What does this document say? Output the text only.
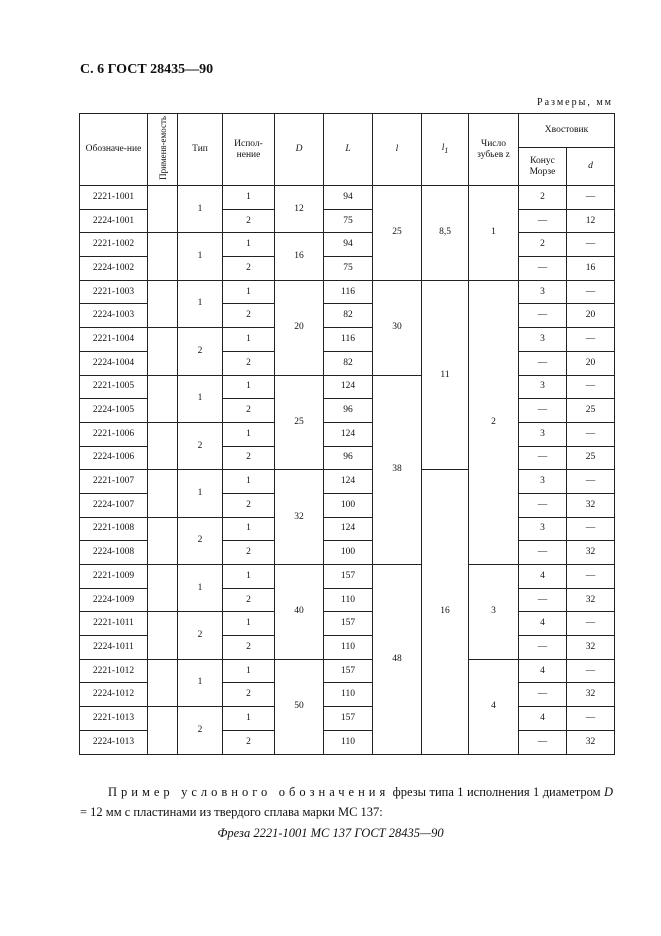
С. 6 ГОСТ 28435—90
Размеры, мм
Обозначе-ние	Применя-емость	Тип	Испол-нение	D	L	l	$l_1$	Число зубьев z	Хвостовик	
									Конус Морзе	d
2221-1001		1	1	12	94	25	8,5	1	2	—
2224-1001			2		75				—	12
2221-1002		1	1	16	94				2	—
2224-1002			2		75				—	16
2221-1003		1	1	20	116	30	11	2	3	—
2224-1003			2		82				—	20
2221-1004		2	1		116				3	—
2224-1004			2		82				—	20
2221-1005		1	1	25	124	38			3	—
2224-1005			2		96				—	25
2221-1006		2	1		124				3	—
2224-1006			2		96				—	25
2221-1007		1	1	32	124		16		3	—
2224-1007			2		100				—	32
2221-1008		2	1		124				3	—
2224-1008			2		100				—	32
2221-1009		1	1	40	157	48		3	4	—
2224-1009			2		110				—	32
2221-1011		2	1		157				4	—
2224-1011			2		110				—	32
2221-1012		1	1	50	157			4	4	—
2224-1012			2		110				—	32
2221-1013		2	1		157				4	—
2224-1013			2		110				—	32
Пример условного обозначения фрезы типа 1 исполнения 1 диаметром D = 12 мм с пластинами из твердого сплава марки МС 137:
Фреза 2221-1001 МС 137 ГОСТ 28435—90
